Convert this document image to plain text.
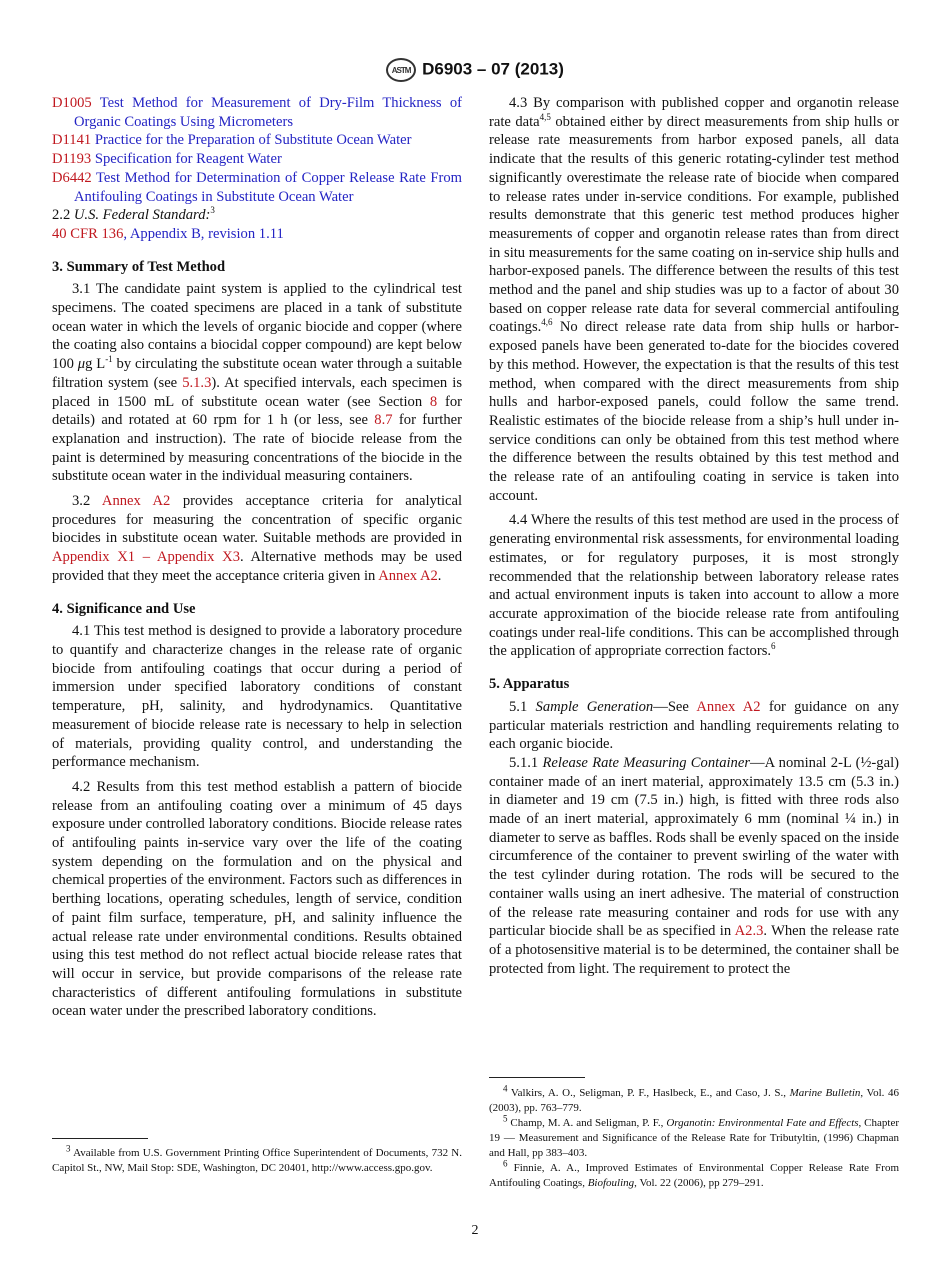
ASTM D6903 – 07 (2013)

D1005 Test Method for Measurement of Dry-Film Thickness of Organic Coatings Using Micrometers

D1141 Practice for the Preparation of Substitute Ocean Water

D1193 Specification for Reagent Water

D6442 Test Method for Determination of Copper Release Rate From Antifouling Coatings in Substitute Ocean Water

2.2 U.S. Federal Standard:$^3$

40 CFR 136, Appendix B, revision 1.11

3. Summary of Test Method

3.1 The candidate paint system is applied to the cylindrical test specimens. The coated specimens are placed in a tank of substitute ocean water in which the levels of organic biocide and copper (where the coating also contains a biocidal copper compound) are kept below 100 μg $L^{-1}$ by circulating the substitute ocean water through a suitable filtration system (see 5.1.3). At specified intervals, each specimen is placed in 1500 mL of substitute ocean water (see Section 8 for details) and rotated at 60 rpm for 1 h (or less, see 8.7 for further explanation and instruction). The rate of biocide release from the paint is determined by measuring concentrations of the biocide in the substitute ocean water in the individual measuring containers.

3.2 Annex A2 provides acceptance criteria for analytical procedures for measuring the concentration of specific organic biocides in substitute ocean water. Suitable methods are provided in Appendix X1 – Appendix X3. Alternative methods may be used provided that they meet the acceptance criteria given in Annex A2.

4. Significance and Use

4.1 This test method is designed to provide a laboratory procedure to quantify and characterize changes in the release rate of organic biocide from antifouling coatings that occur during a period of immersion under specified laboratory conditions of constant temperature, pH, salinity, and hydrodynamics. Quantitative measurement of biocide release rate is necessary to help in selection of materials, providing quality control, and understanding the performance mechanism.

4.2 Results from this test method establish a pattern of biocide release from an antifouling coating over a minimum of 45 days exposure under controlled laboratory conditions. Biocide release rates of antifouling paints in-service vary over the life of the coating system depending on the formulation and on the physical and chemical properties of the environment. Factors such as differences in berthing locations, operating schedules, length of service, condition of paint film surface, temperature, pH, and salinity influence the actual release rate under environmental conditions. Results obtained using this test method do not reflect actual biocide release rates that will occur in service, but provide comparisons of the release rate characteristics of different antifouling formulations in substitute ocean water under the prescribed laboratory conditions.

4.3 By comparison with published copper and organotin release rate data$^{4,5}$ obtained either by direct measurements from ship hulls or release rate measurements from harbor exposed panels, all data indicate that the results of this generic rotating-cylinder test method significantly overestimate the release rate of biocide when compared to release rates under in-service conditions. For example, published results demonstrate that this generic test method produces higher measurements of copper and organotin release rates than from direct in situ measurements for the same coating on in-service ship hulls and harbor-exposed panels. The difference between the results of this test method and the panel and ship studies was up to a factor of about 30 based on copper release rate data for several commercial antifouling coatings.$^{4,6}$ No direct release rate data from ship hulls or harbor-exposed panels have been generated to-date for the biocides covered by this method. However, the expectation is that the results of this test method, when compared with the direct measurements from ship hulls and harbor-exposed panels, could follow the same trend. Realistic estimates of the biocide release from a ship’s hull under in-service conditions can only be obtained from this test method where the difference between the results obtained by this test method and the release rate of an antifouling coating in service is taken into account.

4.4 Where the results of this test method are used in the process of generating environmental risk assessments, for environmental loading estimates, or for regulatory purposes, it is most strongly recommended that the relationship between laboratory release rates and actual environment inputs is taken into account to allow a more accurate approximation of the biocide release rate from antifouling coatings under real-life conditions. This can be accomplished through the application of appropriate correction factors.$^6$

5. Apparatus

5.1 Sample Generation—See Annex A2 for guidance on any particular materials restriction and handling requirements relating to each organic biocide.

5.1.1 Release Rate Measuring Container—A nominal 2-L (½-gal) container made of an inert material, approximately 13.5 cm (5.3 in.) in diameter and 19 cm (7.5 in.) high, is fitted with three rods also made of an inert material, approximately 6 mm (nominal ¼ in.) in diameter to serve as baffles. Rods shall be evenly spaced on the inside circumference of the container to prevent swirling of the water with the test cylinder during rotation. The rods will be secured to the container walls using an inert adhesive. The material of construction of the release rate measuring container and rods for use with any particular biocide shall be as specified in A2.3. When the release rate of a photosensitive material is to be determined, the container shall be protected from light. The requirement to protect the

$^3$ Available from U.S. Government Printing Office Superintendent of Documents, 732 N. Capitol St., NW, Mail Stop: SDE, Washington, DC 20401, http://www.access.gpo.gov.

$^4$ Valkirs, A. O., Seligman, P. F., Haslbeck, E., and Caso, J. S., Marine Bulletin, Vol. 46 (2003), pp. 763–779.

$^5$ Champ, M. A. and Seligman, P. F., Organotin: Environmental Fate and Effects, Chapter 19 — Measurement and Significance of the Release Rate for Tributyltin, (1996) Chapman and Hall, pp 383–403.

$^6$ Finnie, A. A., Improved Estimates of Environmental Copper Release Rate From Antifouling Coatings, Biofouling, Vol. 22 (2006), pp 279–291.

2
